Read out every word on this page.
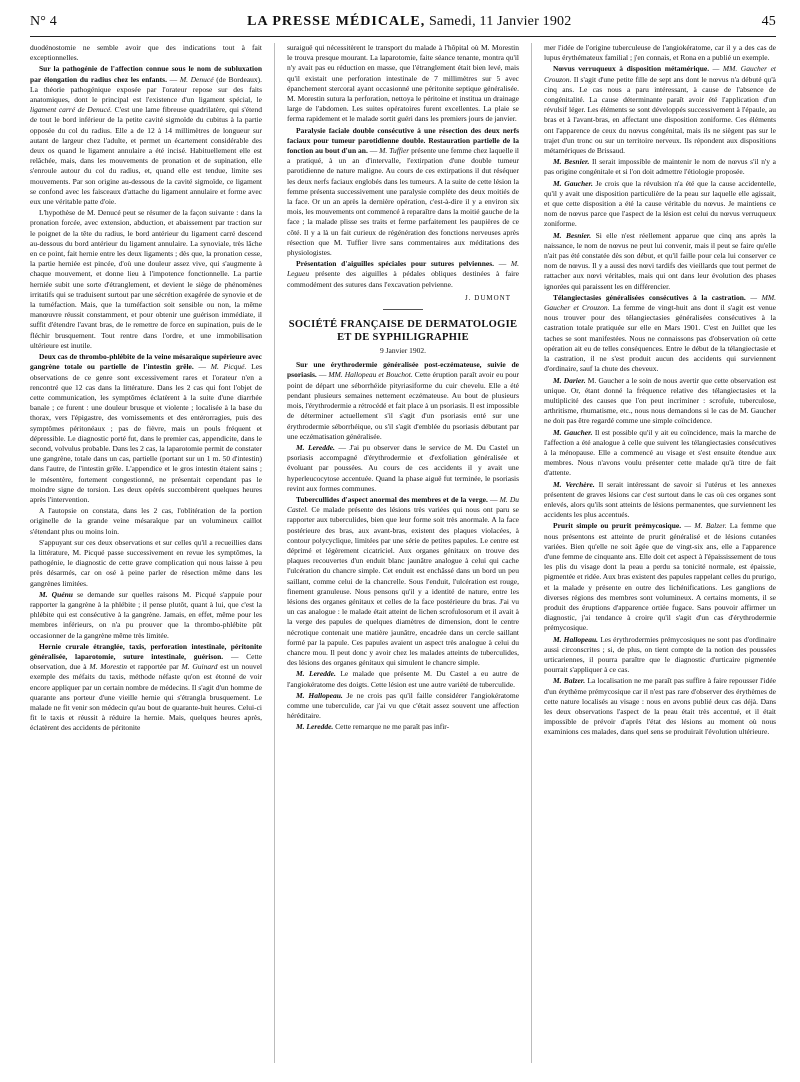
N° 4	LA PRESSE MÉDICALE, Samedi, 11 Janvier 1902	45

duodénostomie ne semble avoir que des indications tout à fait exceptionnelles.

Sur la pathogénie de l'affection connue sous le nom de subluxation par élongation du radius chez les enfants. — M. Denucé (de Bordeaux). La théorie pathogénique exposée par l'orateur repose sur des faits anatomiques, dont le principal est l'existence d'un ligament spécial, le ligament carré de Denucé. C'est une lame fibreuse quadrilatère, qui s'étend de tout le bord inférieur de la petite cavité sigmoïde du cubitus à la partie opposée du col du radius. Elle a de 12 à 14 millimètres de longueur sur autant de largeur chez l'adulte, et permet un écartement considérable des deux os quand le ligament annulaire a été incisé. Habituellement elle est relâchée, mais, dans les mouvements de pronation et de supination, elle s'enroule autour du col du radius, et, quand elle est tendue, limite ses mouvements. Par son origine au-dessous de la cavité sigmoïde, ce ligament se confond avec les faisceaux d'attache du ligament annulaire et forme avec eux une véritable patte d'oie.

L'hypothèse de M. Denucé peut se résumer de la façon suivante : dans la pronation forcée, avec extension, abduction, et abaissement par traction sur le poignet de la tête du radius, le bord antérieur du ligament carré descend au-dessous du bord antérieur du ligament annulaire. La synoviale, très lâche en ce point, fait hernie entre les deux ligaments ; dès que, la pronation cesse, la partie herniée est pincée, d'où une douleur assez vive, qui s'augmente à chaque mouvement, et donne lieu à l'impotence fonctionnelle. La partie herniée subit une sorte d'étranglement, et devient le siège de phénomènes irritatifs qui se traduisent surtout par une sécrétion exagérée de synovie et de la tuméfaction. Mais, que la tuméfaction soit sensible ou non, la même manœuvre réussit constamment, et pour obtenir une guérison immédiate, il suffit d'étendre l'avant bras, de le remettre de force en supination, puis de le fléchir brusquement. Tout rentre dans l'ordre, et une immobilisation ultérieure est inutile.

Deux cas de thrombo-phlébite de la veine mésaraïque supérieure avec gangrène totale ou partielle de l'intestin grêle. — M. Picqué. Les observations de ce genre sont excessivement rares et l'orateur n'en a rencontré que 12 cas dans la littérature. Dans les 2 cas qui font l'objet de cette communication, les symptômes éclatèrent à la suite d'une diarrhée banale ; ce furent : une douleur brusque et violente ; localisée à la base du thorax, vers l'épigastre, des vomissements et des entérorragies, puis des symptômes péritonéaux ; pas de fièvre, mais un pouls fréquent et dépressible. Le diagnostic porté fut, dans le premier cas, appendicite, dans le second, volvulus probable. Dans les 2 cas, la laparotomie permit de constater une gangrène, totale dans un cas, partielle (portant sur un 1 m. 50 d'intestin) dans l'autre, de l'intestin grêle. L'appendice et le gros intestin étaient sains ; le mésentère, fortement congestionné, ne présentait cependant pas le moindre signe de torsion. Les deux opérés succombèrent quelques heures après l'intervention.

A l'autopsie on constata, dans les 2 cas, l'oblitération de la portion originelle de la grande veine mésaraïque par un volumineux caillot s'étendant plus ou moins loin.

S'appuyant sur ces deux observations et sur celles qu'il a recueillies dans la littérature, M. Picqué passe successivement en revue les symptômes, la pathogénie, le diagnostic de cette grave complication qui nous laisse à peu près désarmés, car on osé à peine parler de résection même dans les gangrènes limitées.

M. Quénu se demande sur quelles raisons M. Picqué s'appuie pour rapporter la gangrène à la phlébite ; il pense plutôt, quant à lui, que c'est la phlébite qui est consécutive à la gangrène. Jamais, en effet, même pour les membres inférieurs, on n'a pu prouver que la thrombo-phlébite pût occasionner de la gangrène même très limitée.

Hernie crurale étranglée, taxis, perforation intestinale, péritonite généralisée, laparotomie, suture intestinale, guérison. — Cette observation, due à M. Morestin et rapportée par M. Guinard est un nouvel exemple des méfaits du taxis, méthode néfaste qu'on est étonné de voir encore appliquer par un certain nombre de médecins. Il s'agit d'un homme de quarante ans porteur d'une vieille hernie qui s'étrangla brusquement. Le malade ne fit venir son médecin qu'au bout de quarante-huit heures. Celui-ci fit le taxis et réussit à réduire la hernie. Mais, quelques heures après, éclatèrent des accidents de péritonite

suraiguë qui nécessitèrent le transport du malade à l'hôpital où M. Morestin le trouva presque mourant. La laparotomie, faite séance tenante, montra qu'il n'y avait pas eu réduction en masse, que l'étranglement était bien levé, mais qu'il existait une perforation intestinale de 7 millimètres sur 5 avec épanchement stercoral ayant occasionné une péritonite septique généralisée. M. Morestin sutura la perforation, nettoya le péritoine et institua un drainage large de l'abdomen. Les suites opératoires furent excellentes. La plaie se ferma rapidement et le malade sortit guéri dans les premiers jours de janvier.

Paralysie faciale double consécutive à une résection des deux nerfs faciaux pour tumeur parotidienne double. Restauration partielle de la fonction au bout d'un an. — M. Tuffier présente une femme chez laquelle il a pratiqué, à un an d'intervalle, l'extirpation d'une double tumeur parotidienne de nature maligne. Au cours de ces extirpations il dut réséquer les deux nerfs faciaux englobés dans les tumeurs. A la suite de cette lésion la femme présenta successivement une paralysie complète des deux moitiés de la face. Or un an après la dernière opération, c'est-à-dire il y a environ six mois, les mouvements ont commencé à reparaître dans la moitié gauche de la face ; la malade plisse ses traits et ferme parfaitement les paupières de ce côté. Il y a là un fait curieux de régénération des fonctions nerveuses après résection que M. Tuffier livre sans commentaires aux méditations des physiologistes.

Présentation d'aiguilles spéciales pour sutures pelviennes. — M. Legueu présente des aiguilles à pédales obliques destinées à faire commodément des sutures dans l'excavation pelvienne.

J. DUMONT
SOCIÉTÉ FRANÇAISE DE DERMATOLOGIE ET DE SYPHILIGRAPHIE
9 Janvier 1902.

Sur une érythrodermie généralisée post-eczémateuse, suivie de psoriasis. — MM. Hallopeau et Bouchot. Cette éruption paraît avoir eu pour point de départ une séborrhéide pityriasiforme du cuir chevelu. Elle a été pendant plusieurs semaines nettement eczémateuse. Au bout de plusieurs mois, l'érythrodermie a rétrocédé et fait place à un psoriasis. Il est impossible de déterminer actuellement s'il s'agit d'un psoriasis enté sur une érythrodermie séborrhéique, ou s'il s'agit d'emblée du psoriasis débutant par une eczématisation généralisée.

M. Leredde. — J'ai pu observer dans le service de M. Du Castel un psoriasis accompagné d'érythrodermie et d'exfoliation généralisée et évoluant par poussées. Au cours de ces accidents il y avait une hyperleucocytose accentuée. Quand la phase aiguë fut terminée, le psoriasis revint aux formes communes.

Tubercullides d'aspect anormal des membres et de la verge. — M. Du Castel. Ce malade présente des lésions très variées qui nous ont paru se rapporter aux tuberculides, bien que leur forme soit très anormale. A la face postérieure des bras, aux avant-bras, existent des plaques violacées, à contour polycyclique, limitées par une série de petites papules. Le centre est déprimé et légèrement cicatriciel. Aux organes génitaux on trouve des plaques recouvertes d'un enduit blanc jaunâtre analogue à celui qui cache l'ulcération du chancre simple. Cet enduit est enchâssé dans un bord un peu saillant, comme celui de la chancrelle. Sous l'enduit, l'ulcération est rouge, finement granuleuse. Nous pensons qu'il y a identité de nature, entre les lésions des organes génitaux et celles de la face postérieure du bras. J'ai vu un cas analogue : le malade était atteint de lichen scrofulosorum et il avait à la verge des papules de quelques diamètres de dimension, dont le centre nécrotique contenait une matière jaunâtre, encadrée dans un cercle saillant formé par la papule. Ces papules avaient un aspect très analogue à celui du chancre mou. Il peut donc y avoir chez les malades atteints de tuberculides, des lésions des organes génitaux qui simulent le chancre simple.

M. Leredde. Le malade que présente M. Du Castel a eu autre de l'angiokératome des doigts. Cette lésion est une autre variété de tuberculide.

M. Hallopeau. Je ne crois pas qu'il faille considérer l'angiokératome comme une tuberculide, car j'ai vu que c'était assez souvent une affection héréditaire.

M. Leredde. Cette remarque ne me paraît pas infir-

mer l'idée de l'origine tuberculeuse de l'angiokératome, car il y a des cas de lupus érythémateux familial ; j'en connais, et Rona en a publié un exemple.

Nœvus verruqueux à disposition métamérique. — MM. Gaucher et Crouzon. Il s'agit d'une petite fille de sept ans dont le nœvus n'a débuté qu'à cinq ans. Le cas nous a paru intéressant, à cause de l'absence de congénitalité. La cause déterminante paraît avoir été l'application d'un révulsif léger. Les éléments se sont développés successivement à l'épaule, au bras et à l'avant-bras, en affectant une disposition zoniforme. Ces éléments ont l'apparence de ceux du nœvus congénital, mais ils ne siègent pas sur le trajet d'un tronc ou sur un territoire nerveux. Ils répondent aux dispositions métamériques de Brissaud.

M. Besnier. Il serait impossible de maintenir le nom de nœvus s'il n'y a pas origine congénitale et si l'on doit admettre l'étiologie proposée.

M. Gaucher. Je crois que la révulsion n'a été que la cause accidentelle, qu'il y avait une disposition particulière de la peau sur laquelle elle agissait, et que cette disposition a été la cause véritable du nœvus. Je maintiens ce nom de nœvus parce que l'aspect de la lésion est celui du nœvus verruqueux zoniforme.

M. Besnier. Si elle n'est réellement apparue que cinq ans après la naissance, le nom de nœvus ne peut lui convenir, mais il peut se faire qu'elle n'ait pas été constatée dès son début, et qu'il faille pour cela lui conserver ce nom de nœvus. Il y a aussi des nœvi tardifs des vieillards que tout permet de rattacher aux nœvi véritables, mais qui ont dans leur évolution des phases ignorées qui paraissent les en différencier.

Télangiectasies généralisées consécutives à la castration. — MM. Gaucher et Crouzon. La femme de vingt-huit ans dont il s'agit est venue nous trouver pour des télangiectasies généralisées consécutives à la castration totale pratiquée sur elle en Mars 1901. C'est en Juillet que les taches se sont manifestées. Nous ne connaissons pas d'observation où cette opération ait eu de telles conséquences. Entre le début de la télangiectasie et la castration, il ne s'est produit aucun des accidents qui surviennent d'ordinaire, sauf la chute des cheveux.

M. Darier. M. Gaucher a le soin de nous avertir que cette observation est unique. Or, étant donné la fréquence relative des télangiectasies et la multiplicité des causes que l'on peut incriminer : scrofule, tuberculose, arthritisme, rhumatisme, etc., nous nous demandons si le cas de M. Gaucher ne doit pas être regardé comme une simple coïncidence.

M. Gaucher. Il est possible qu'il y ait eu coïncidence, mais la marche de l'affection a été analogue à celle que suivent les télangiectasies consécutives à la ménopause. Elle a commencé au visage et s'est ensuite étendue aux membres. Nous n'avons voulu présenter cette malade qu'à titre de fait d'attente.

M. Verchère. Il serait intéressant de savoir si l'utérus et les annexes présentent de graves lésions car c'est surtout dans le cas où ces organes sont enlevés, alors qu'ils sont atteints de lésions permanentes, que surviennent les accidents les plus accentués.

Prurit simple ou prurit prémycosique. — M. Balzer. La femme que nous présentons est atteinte de prurit généralisé et de lésions cutanées variées. Bien qu'elle ne soit âgée que de vingt-six ans, elle a l'apparence d'une femme de cinquante ans. Elle doit cet aspect à l'épaississement de tous les plis du visage dont la peau a perdu sa tonicité normale, est épaissie, pigmentée et ridée. Aux bras existent des papules rappelant celles du prurigo, et la malade y présente en outre des lichénifications. Les ganglions de diverses régions des membres sont volumineux. A certains moments, il se produit des éruptions d'apparence ortiée fugace. Sans pouvoir affirmer un diagnostic, j'ai tendance à croire qu'il s'agit d'un cas d'érythrodermie prémycosique.

M. Hallopeau. Les érythrodermies prémycosiques ne sont pas d'ordinaire aussi circonscrites ; si, de plus, on tient compte de la notion des poussées urticariennes, il pourra paraître que le diagnostic d'urticaire pigmentée pourrait s'appliquer à ce cas.

M. Balzer. La localisation ne me paraît pas suffire à faire repousser l'idée d'un érythème prémycosique car il n'est pas rare d'observer des érythèmes de cette nature localisés au visage : nous en avons publié deux cas déjà. Dans les deux observations l'aspect de la peau était très accentué, et il était impossible de prévoir d'après l'état des lésions au moment où nous examinions ces malades, dans quel sens se produirait l'évolution ultérieure.
